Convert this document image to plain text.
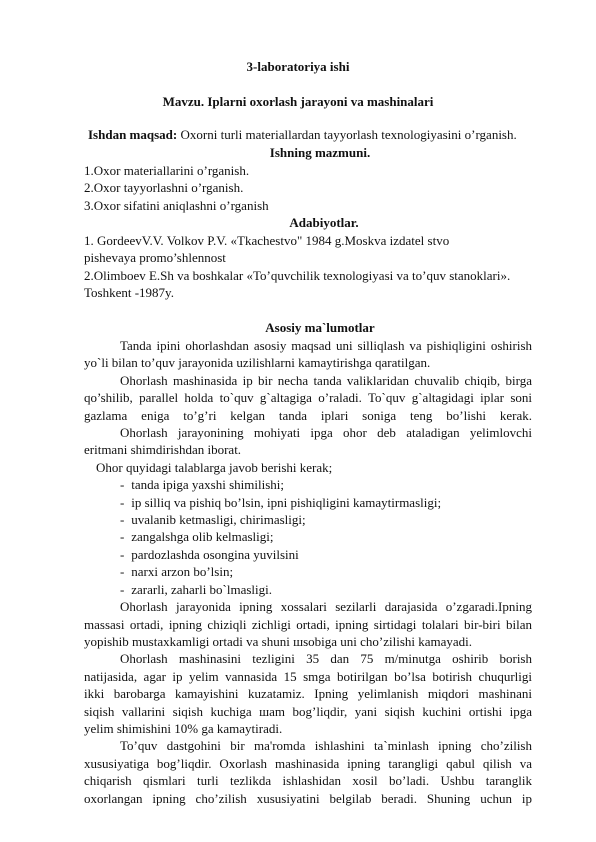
3-laboratoriya ishi
Mavzu. Iplarni oxorlash jarayoni va mashinalari
Ishdan maqsad: Oxorni turli materiallardan tayyorlash texnologiyasini o’rganish.
Ishning mazmuni.
1.Oxor materiallarini o’rganish.
2.Oxor tayyorlashni o’rganish.
3.Oxor sifatini aniqlashni o’rganish
Adabiyotlar.
1. GordeevV.V. Volkov P.V. «Tkachestvo" 1984 g.Moskva izdatel stvo
pishevaya promo’shlennost
2.Olimboev E.Sh va boshkalar «To’quvchilik texnologiyasi va to’quv stanoklari».
Toshkent -1987y.
Asosiy ma`lumotlar
Tanda ipini ohorlashdan asosiy maqsad uni silliqlash va pishiqligini oshirish
yo`li bilan to’quv jarayonida uzilishlarni kamaytirishga qaratilgan.
Ohorlash mashinasida ip bir necha tanda valiklaridan chuvalib chiqib, birga
qo’shilib, parallel holda to`quv g`altagiga o’raladi. To`quv g`altagidagi iplar soni
gazlama eniga to’g’ri kelgan tanda iplari soniga teng bo’lishi kerak.
Ohorlash jarayonining mohiyati ipga ohor deb ataladigan yelimlovchi
eritmani shimdirishdan iborat.
Ohor quyidagi talablarga javob berishi kerak;
- tanda ipiga yaxshi shimilishi;
- ip silliq va pishiq bo’lsin, ipni pishiqligini kamaytirmasligi;
- uvalanib ketmasligi, chirimasligi;
- zangalshga olib kelmasligi;
- pardozlashda osongina yuvilsini
- narxi arzon bo’lsin;
- zararli, zaharli bo`lmasligi.
Ohorlash jarayonida ipning xossalari sezilarli darajasida o’zgaradi.Ipning
massasi ortadi, ipning chiziqli zichligi ortadi, ipning sirtidagi tolalari bir-biri bilan
yopishib mustaxkamligi ortadi va shuni шsobiga uni cho’zilishi kamayadi.
Ohorlash mashinasini tezligini 35 dan 75 m/minutga oshirib borish
natijasida, agar ip yelim vannasida 15 smga botirilgan bo’lsa botirish chuqurligi
ikki barobarga kamayishini kuzatamiz. Ipning yelimlanish miqdori mashinani
siqish vallarini siqish kuchiga шam bog’liqdir, yani siqish kuchini ortishi ipga
yelim shimishini 10% ga kamaytiradi.
To’quv dastgohini bir ma'romda ishlashini ta`minlash ipning cho’zilish
xususiyatiga bog’liqdir. Oxorlash mashinasida ipning tarangligi qabul qilish va
chiqarish qismlari turli tezlikda ishlashidan xosil bo’ladi. Ushbu taranglik
oxorlangan ipning cho’zilish xususiyatini belgilab beradi. Shuning uchun ip
